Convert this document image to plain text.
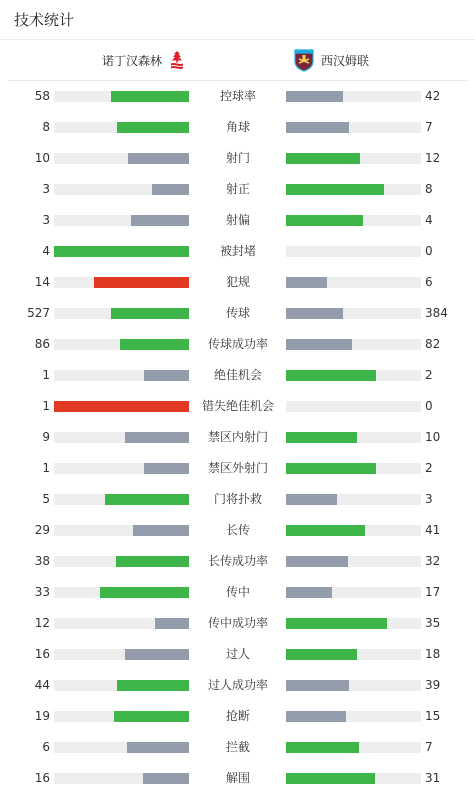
技术统计
诺丁汉森林	西汉姆联
58	控球率	42
8	角球	7
10	射门	12
3	射正	8
3	射偏	4
4	被封堵	0
14	犯规	6
527	传球	384
86	传球成功率	82
1	绝佳机会	2
1	错失绝佳机会	0
9	禁区内射门	10
1	禁区外射门	2
5	门将扑救	3
29	长传	41
38	长传成功率	32
33	传中	17
12	传中成功率	35
16	过人	18
44	过人成功率	39
19	抢断	15
6	拦截	7
16	解围	31
